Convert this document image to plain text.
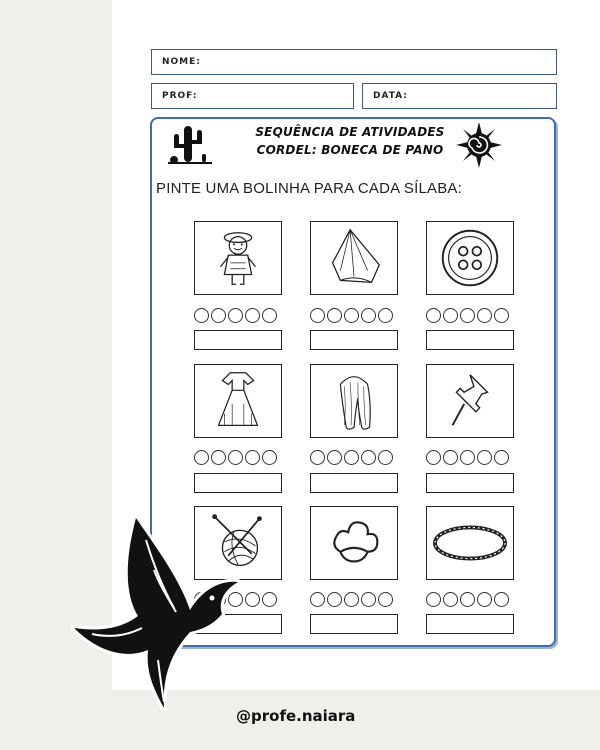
NOME:
PROF:	DATA:
SEQUÊNCIA DE ATIVIDADES
CORDEL: BONECA DE PANO
PINTE UMA BOLINHA PARA CADA SÍLABA:
@profe.naiara
